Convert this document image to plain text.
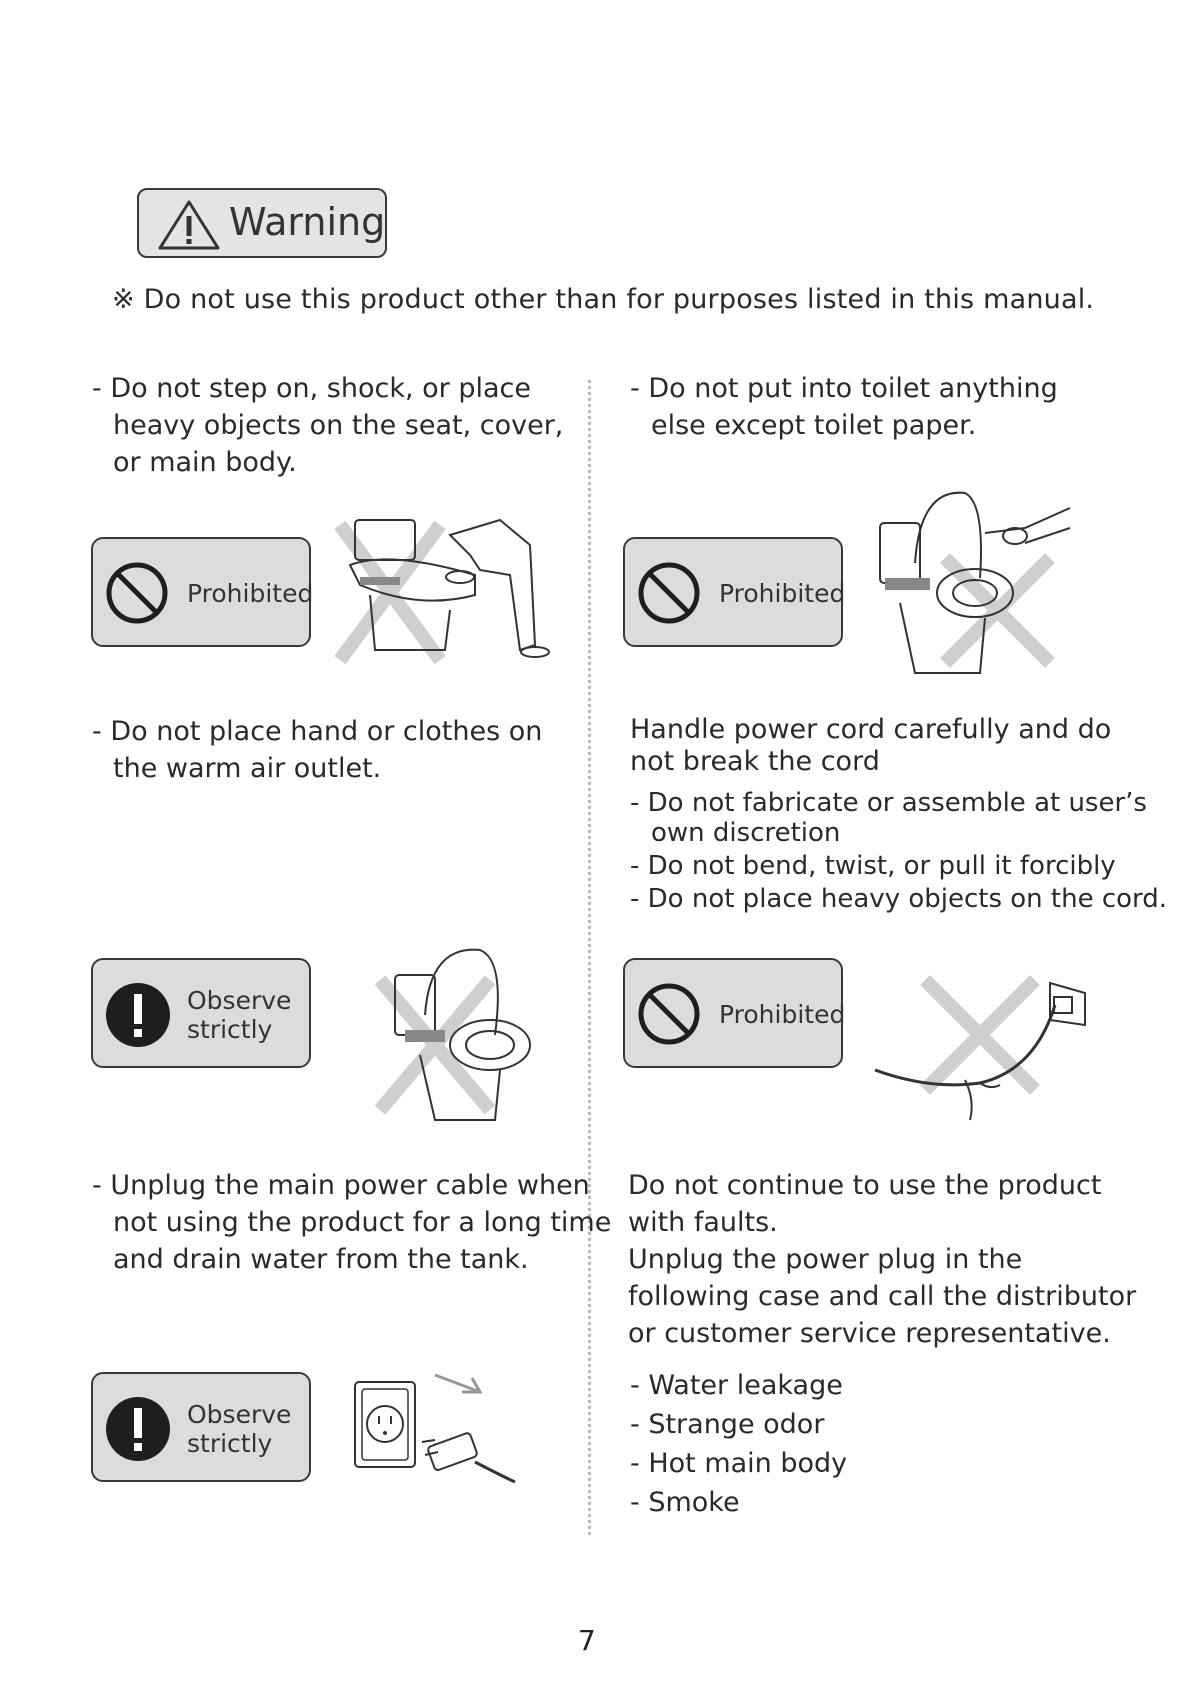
Warning
※ Do not use this product other than for purposes listed in this manual.
- Do not step on, shock, or place
heavy objects on the seat, cover,
or main body.
Prohibited
- Do not place hand or clothes on
the warm air outlet.
Observe
strictly
- Unplug the main power cable when
not using the product for a long time
and drain water from the tank.
Observe
strictly
- Do not put into toilet anything
else except toilet paper.
Prohibited
Handle power cord carefully and do
not break the cord
- Do not fabricate or assemble at user’s
own discretion
- Do not bend, twist, or pull it forcibly
- Do not place heavy objects on the cord.
Prohibited
Do not continue to use the product
with faults.
Unplug the power plug in the
following case and call the distributor
or customer service representative.
- Water leakage
- Strange odor
- Hot main body
- Smoke
7
